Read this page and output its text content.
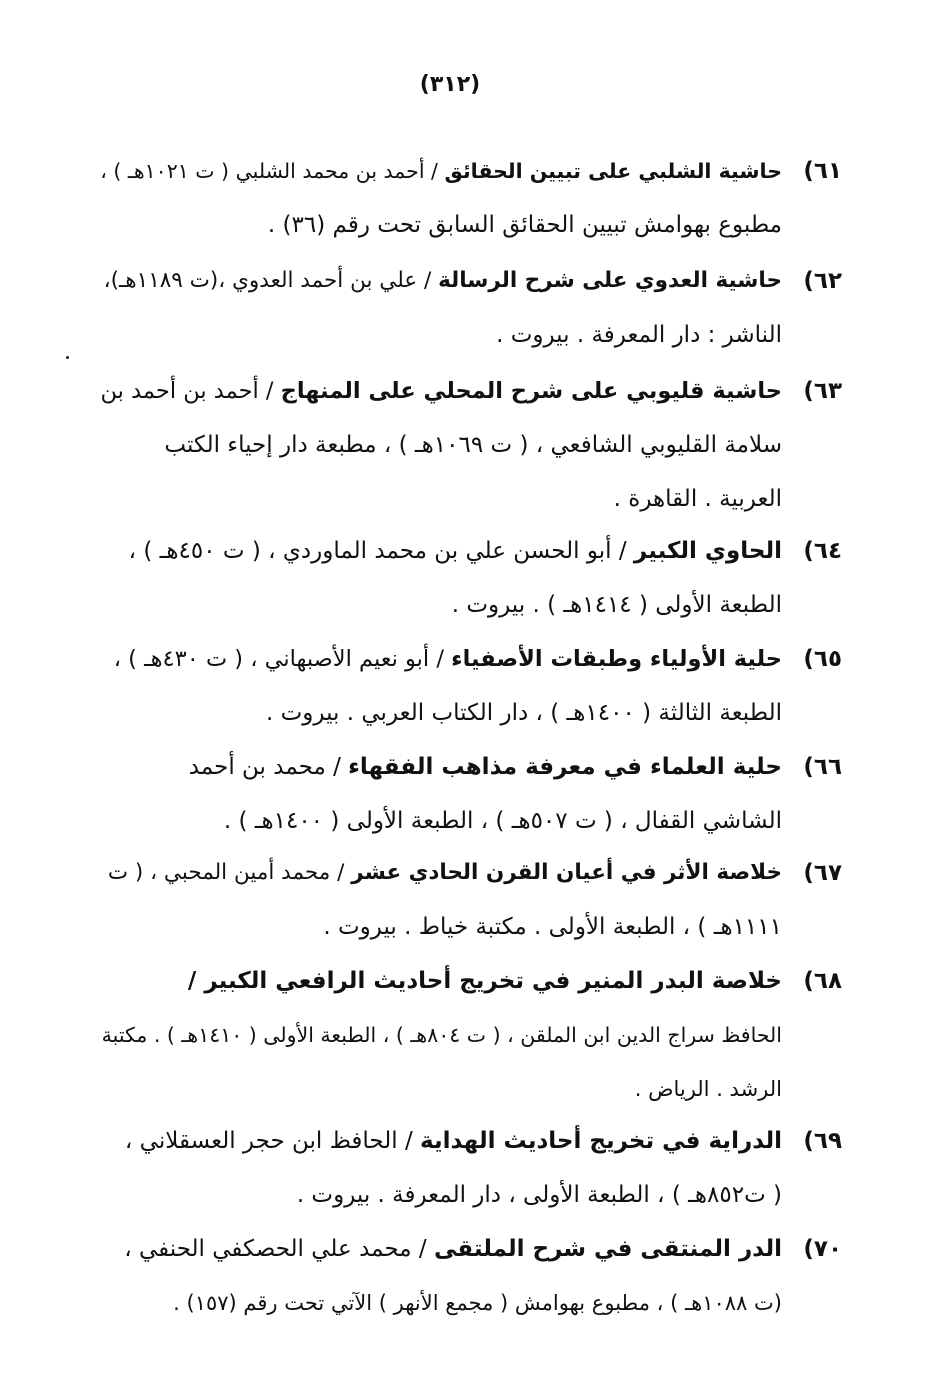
(٣١٢)
٦١)
حاشية الشلبي على تبيين الحقائق / أحمد بن محمد الشلبي ( ت ١٠٢١هـ ) ،
مطبوع بهوامش تبيين الحقائق السابق تحت رقم (٣٦) .
٦٢)
حاشية العدوي على شرح الرسالة / علي بن أحمد العدوي ،(ت ١١٨٩هـ)،
الناشر : دار المعرفة . بيروت .
٦٣)
حاشية قليوبي على شرح المحلي على المنهاج / أحمد بن أحمد بن
سلامة القليوبي الشافعي ، ( ت ١٠٦٩هـ ) ، مطبعة دار إحياء الكتب
العربية . القاهرة .
٦٤)
الحاوي الكبير / أبو الحسن علي بن محمد الماوردي ، ( ت ٤٥٠هـ ) ،
الطبعة الأولى ( ١٤١٤هـ ) . بيروت .
٦٥)
حلية الأولياء وطبقات الأصفياء / أبو نعيم الأصبهاني ، ( ت ٤٣٠هـ ) ،
الطبعة الثالثة ( ١٤٠٠هـ ) ، دار الكتاب العربي . بيروت .
٦٦)
حلية العلماء في معرفة مذاهب الفقهاء / محمد بن أحمد
الشاشي القفال ، ( ت ٥٠٧هـ ) ، الطبعة الأولى ( ١٤٠٠هـ ) .
٦٧)
خلاصة الأثر في أعيان القرن الحادي عشر / محمد أمين المحبي ، ( ت
١١١١هـ ) ، الطبعة الأولى . مكتبة خياط . بيروت .
٦٨)
خلاصة البدر المنير في تخريج أحاديث الرافعي الكبير /
الحافظ سراج الدين ابن الملقن ، ( ت ٨٠٤هـ ) ، الطبعة الأولى ( ١٤١٠هـ ) . مكتبة
الرشد . الرياض .
٦٩)
الدراية في تخريج أحاديث الهداية / الحافظ ابن حجر العسقلاني ،
( ت٨٥٢هـ ) ، الطبعة الأولى ، دار المعرفة . بيروت .
٧٠)
الدر المنتقى في شرح الملتقى / محمد علي الحصكفي الحنفي ،
(ت ١٠٨٨هـ ) ، مطبوع بهوامش ( مجمع الأنهر ) الآتي تحت رقم (١٥٧) .
